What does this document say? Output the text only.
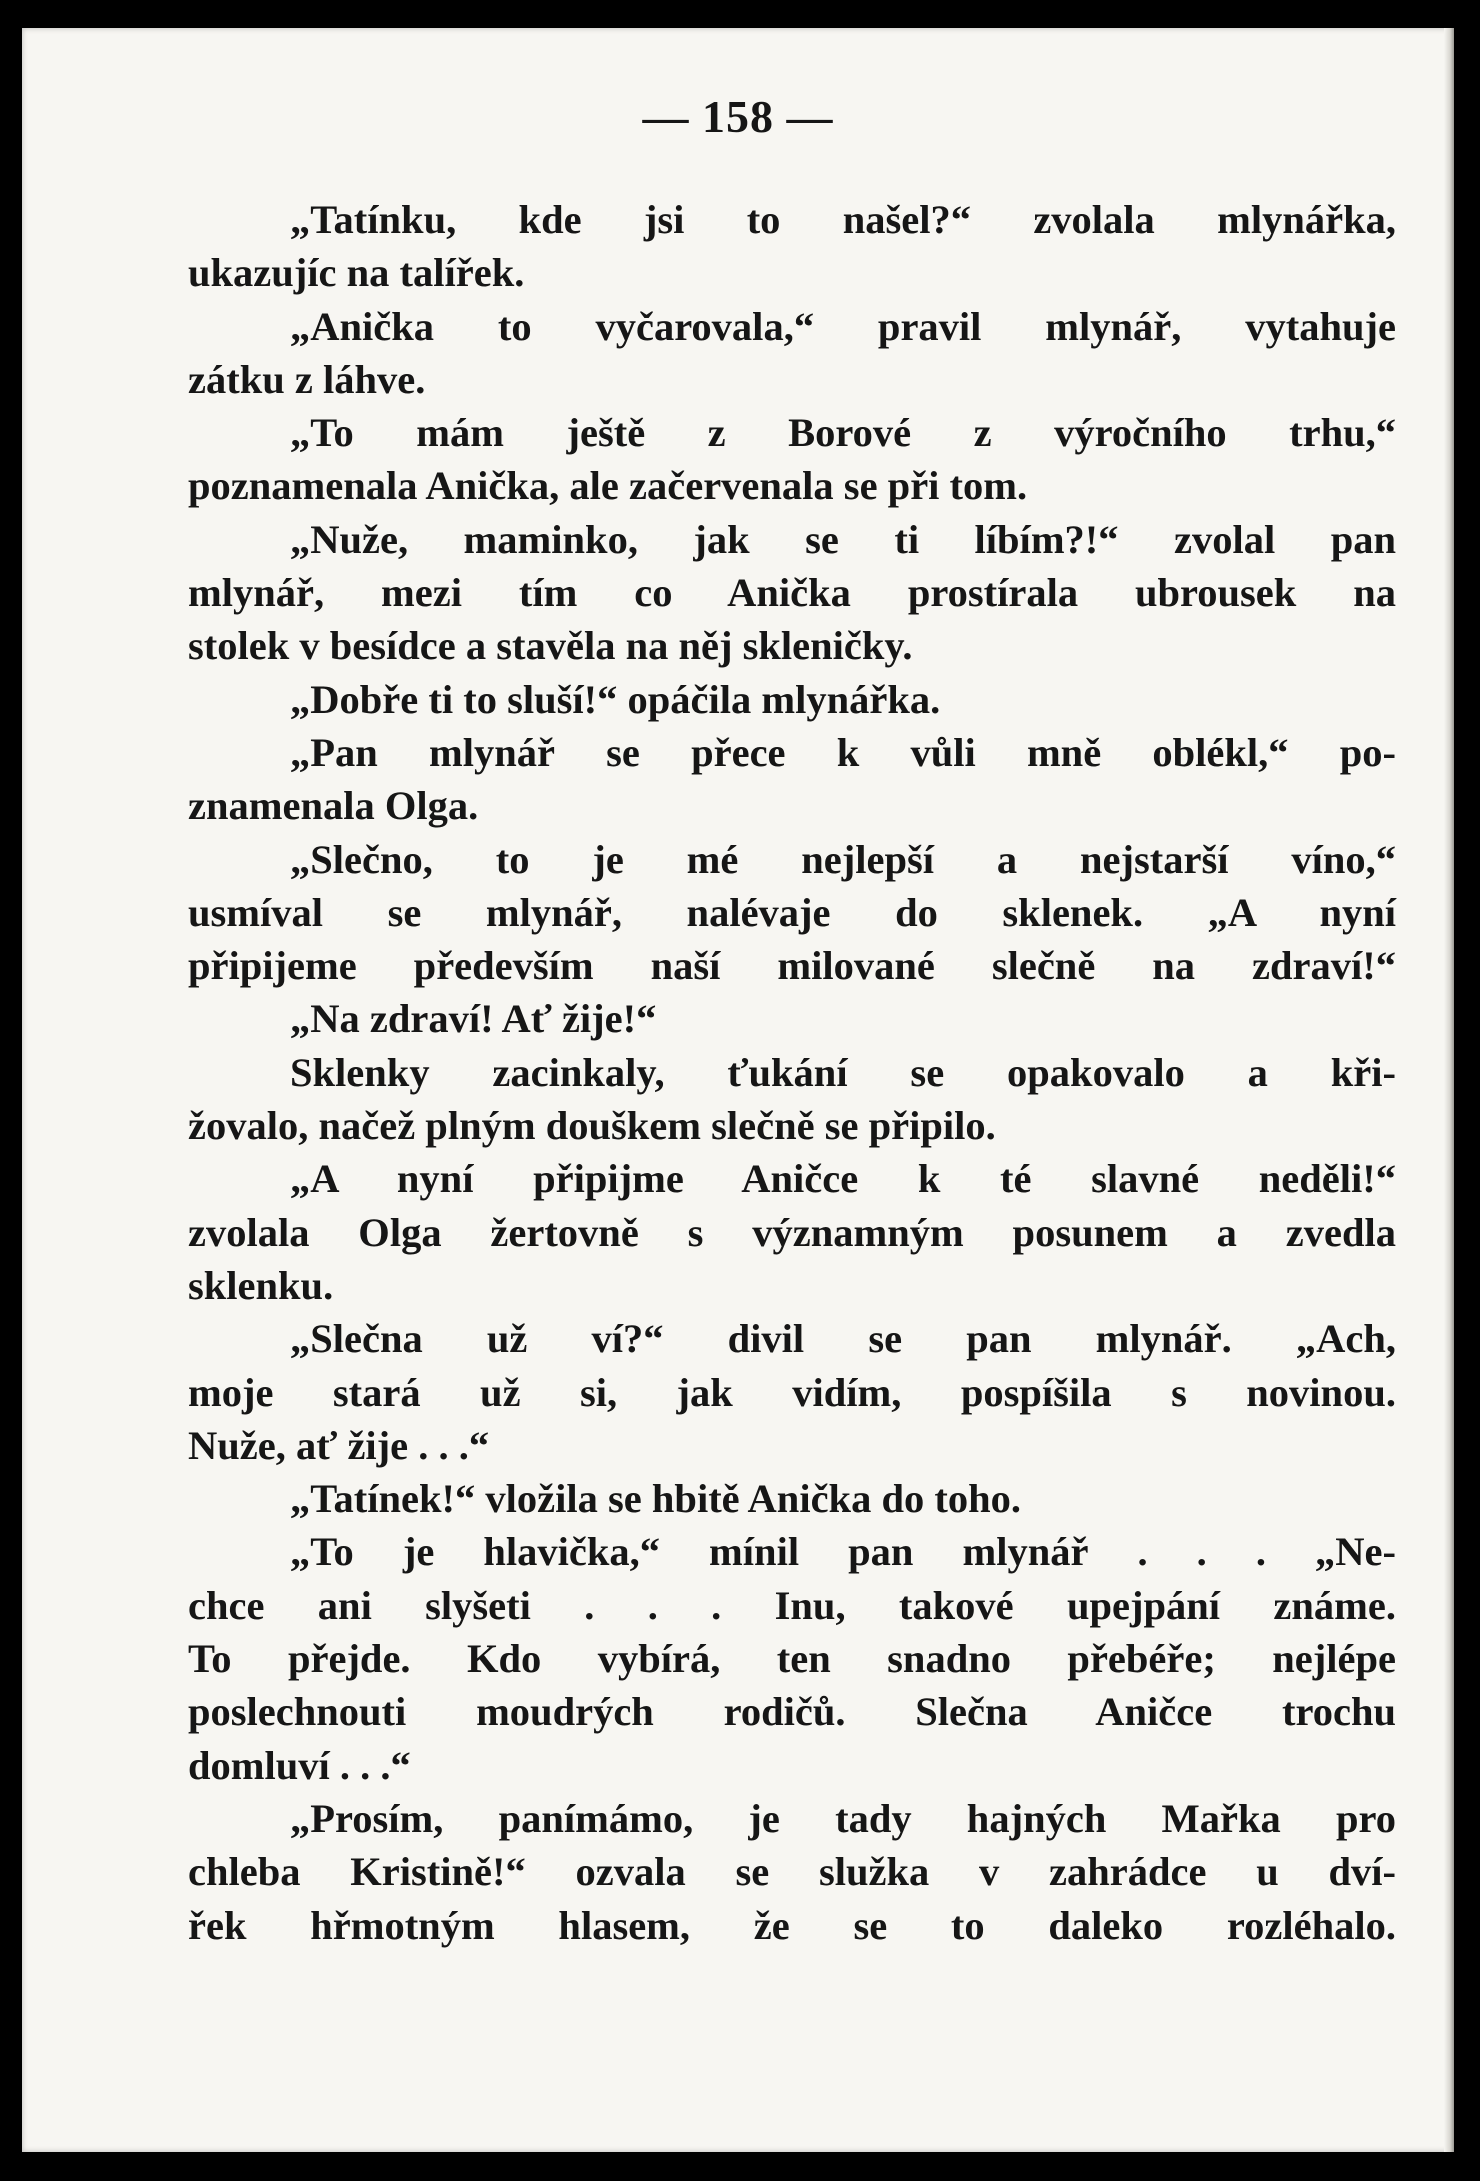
— 158 —
„Tatínku, kde jsi to našel?“ zvolala mlynářka,
ukazujíc na talířek.
„Anička to vyčarovala,“ pravil mlynář, vytahuje
zátku z láhve.
„To mám ještě z Borové z výročního trhu,“
poznamenala Anička, ale začervenala se při tom.
„Nuže, maminko, jak se ti líbím?!“ zvolal pan
mlynář, mezi tím co Anička prostírala ubrousek na
stolek v besídce a stavěla na něj skleničky.
„Dobře ti to sluší!“ opáčila mlynářka.
„Pan mlynář se přece k vůli mně oblékl,“ po-
znamenala Olga.
„Slečno, to je mé nejlepší a nejstarší víno,“
usmíval se mlynář, nalévaje do sklenek. „A nyní
připijeme především naší milované slečně na zdraví!“
„Na zdraví! Ať žije!“
Sklenky zacinkaly, ťukání se opakovalo a kři-
žovalo, načež plným douškem slečně se připilo.
„A nyní připijme Aničce k té slavné neděli!“
zvolala Olga žertovně s významným posunem a zvedla
sklenku.
„Slečna už ví?“ divil se pan mlynář. „Ach,
moje stará už si, jak vidím, pospíšila s novinou.
Nuže, ať žije . . .“
„Tatínek!“ vložila se hbitě Anička do toho.
„To je hlavička,“ mínil pan mlynář . . . „Ne-
chce ani slyšeti . . . Inu, takové upejpání známe.
To přejde. Kdo vybírá, ten snadno přebéře; nejlépe
poslechnouti moudrých rodičů. Slečna Aničce trochu
domluví . . .“
„Prosím, panímámo, je tady hajných Mařka pro
chleba Kristině!“ ozvala se služka v zahrádce u dví-
řek hřmotným hlasem, že se to daleko rozléhalo.
